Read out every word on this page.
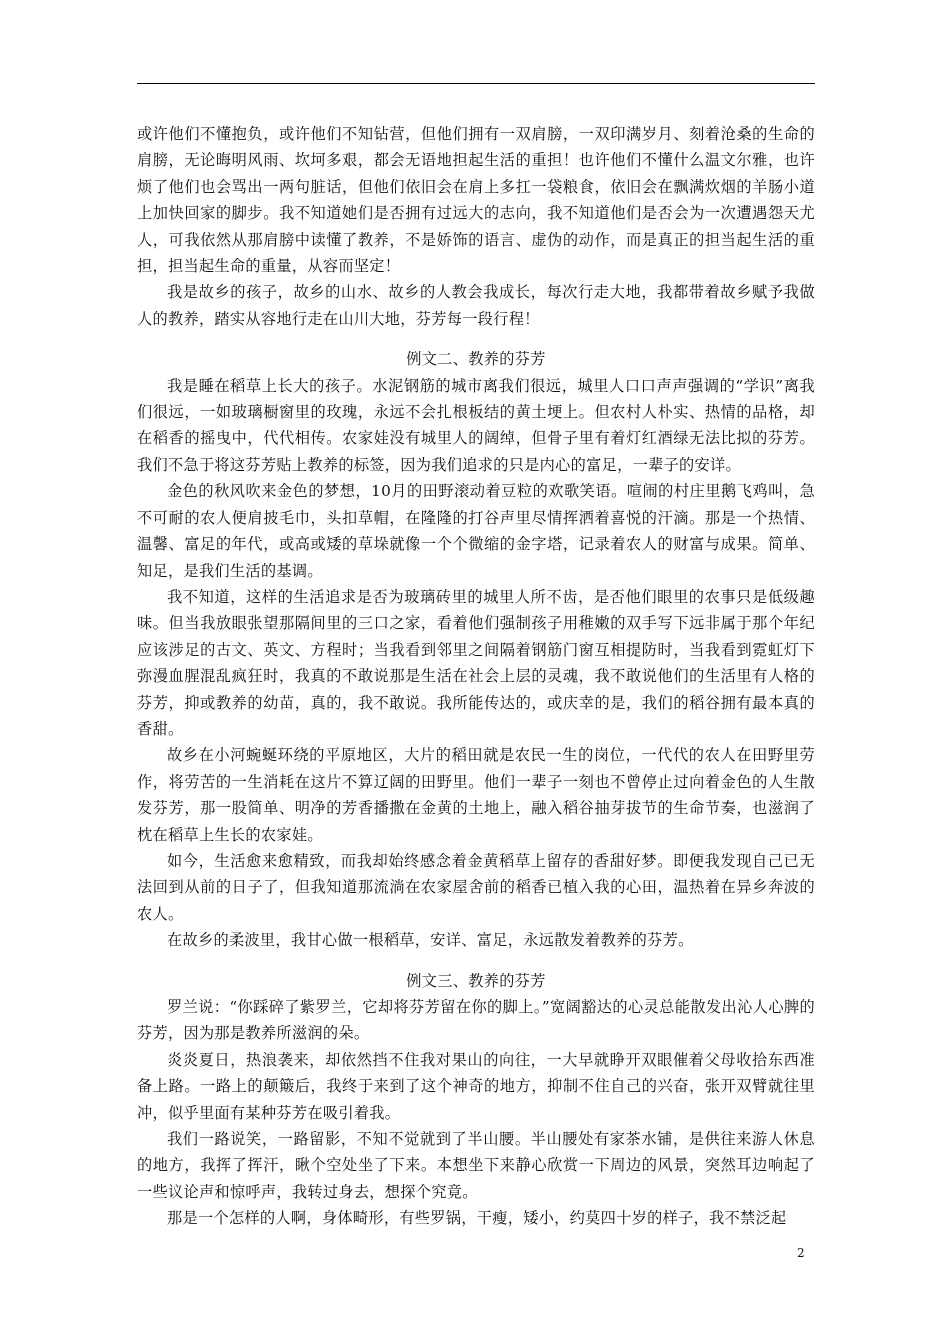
或许他们不懂抱负，或许他们不知钻营，但他们拥有一双肩膀，一双印满岁月、刻着沧桑的生命的肩膀，无论晦明风雨、坎坷多艰，都会无语地担起生活的重担！也许他们不懂什么温文尔雅，也许烦了他们也会骂出一两句脏话，但他们依旧会在肩上多扛一袋粮食，依旧会在飘满炊烟的羊肠小道上加快回家的脚步。我不知道她们是否拥有过远大的志向，我不知道他们是否会为一次遭遇怨天尤人，可我依然从那肩膀中读懂了教养，不是娇饰的语言、虚伪的动作，而是真正的担当起生活的重担，担当起生命的重量，从容而坚定！

我是故乡的孩子，故乡的山水、故乡的人教会我成长，每次行走大地，我都带着故乡赋予我做人的教养，踏实从容地行走在山川大地，芬芳每一段行程！

例文二、教养的芬芳

我是睡在稻草上长大的孩子。水泥钢筋的城市离我们很远，城里人口口声声强调的“学识”离我们很远，一如玻璃橱窗里的玫瑰，永远不会扎根板结的黄土埂上。但农村人朴实、热情的品格，却在稻香的摇曳中，代代相传。农家娃没有城里人的阔绰，但骨子里有着灯红酒绿无法比拟的芬芳。我们不急于将这芬芳贴上教养的标签，因为我们追求的只是内心的富足，一辈子的安详。

金色的秋风吹来金色的梦想，10月的田野滚动着豆粒的欢歌笑语。喧闹的村庄里鹅飞鸡叫，急不可耐的农人便肩披毛巾，头扣草帽，在隆隆的打谷声里尽情挥洒着喜悦的汗滴。那是一个热情、温馨、富足的年代，或高或矮的草垛就像一个个微缩的金字塔，记录着农人的财富与成果。简单、知足，是我们生活的基调。

我不知道，这样的生活追求是否为玻璃砖里的城里人所不齿，是否他们眼里的农事只是低级趣味。但当我放眼张望那隔间里的三口之家，看着他们强制孩子用稚嫩的双手写下远非属于那个年纪应该涉足的古文、英文、方程时；当我看到邻里之间隔着钢筋门窗互相提防时，当我看到霓虹灯下弥漫血腥混乱疯狂时，我真的不敢说那是生活在社会上层的灵魂，我不敢说他们的生活里有人格的芬芳，抑或教养的幼苗，真的，我不敢说。我所能传达的，或庆幸的是，我们的稻谷拥有最本真的香甜。

故乡在小河蜿蜒环绕的平原地区，大片的稻田就是农民一生的岗位，一代代的农人在田野里劳作，将劳苦的一生消耗在这片不算辽阔的田野里。他们一辈子一刻也不曾停止过向着金色的人生散发芬芳，那一股简单、明净的芳香播撒在金黄的土地上，融入稻谷抽芽拔节的生命节奏，也滋润了枕在稻草上生长的农家娃。

如今，生活愈来愈精致，而我却始终感念着金黄稻草上留存的香甜好梦。即便我发现自己已无法回到从前的日子了，但我知道那流淌在农家屋舍前的稻香已植入我的心田，温热着在异乡奔波的农人。

在故乡的柔波里，我甘心做一根稻草，安详、富足，永远散发着教养的芬芳。

例文三、教养的芬芳

罗兰说：“你踩碎了紫罗兰，它却将芬芳留在你的脚上。”宽阔豁达的心灵总能散发出沁人心脾的芬芳，因为那是教养所滋润的朵。

炎炎夏日，热浪袭来，却依然挡不住我对果山的向往，一大早就睁开双眼催着父母收拾东西准备上路。一路上的颠簸后，我终于来到了这个神奇的地方，抑制不住自己的兴奋，张开双臂就往里冲，似乎里面有某种芬芳在吸引着我。

我们一路说笑，一路留影，不知不觉就到了半山腰。半山腰处有家茶水铺，是供往来游人休息的地方，我挥了挥汗，瞅个空处坐了下来。本想坐下来静心欣赏一下周边的风景，突然耳边响起了一些议论声和惊呼声，我转过身去，想探个究竟。

那是一个怎样的人啊，身体畸形，有些罗锅，干瘦，矮小，约莫四十岁的样子，我不禁泛起

2
